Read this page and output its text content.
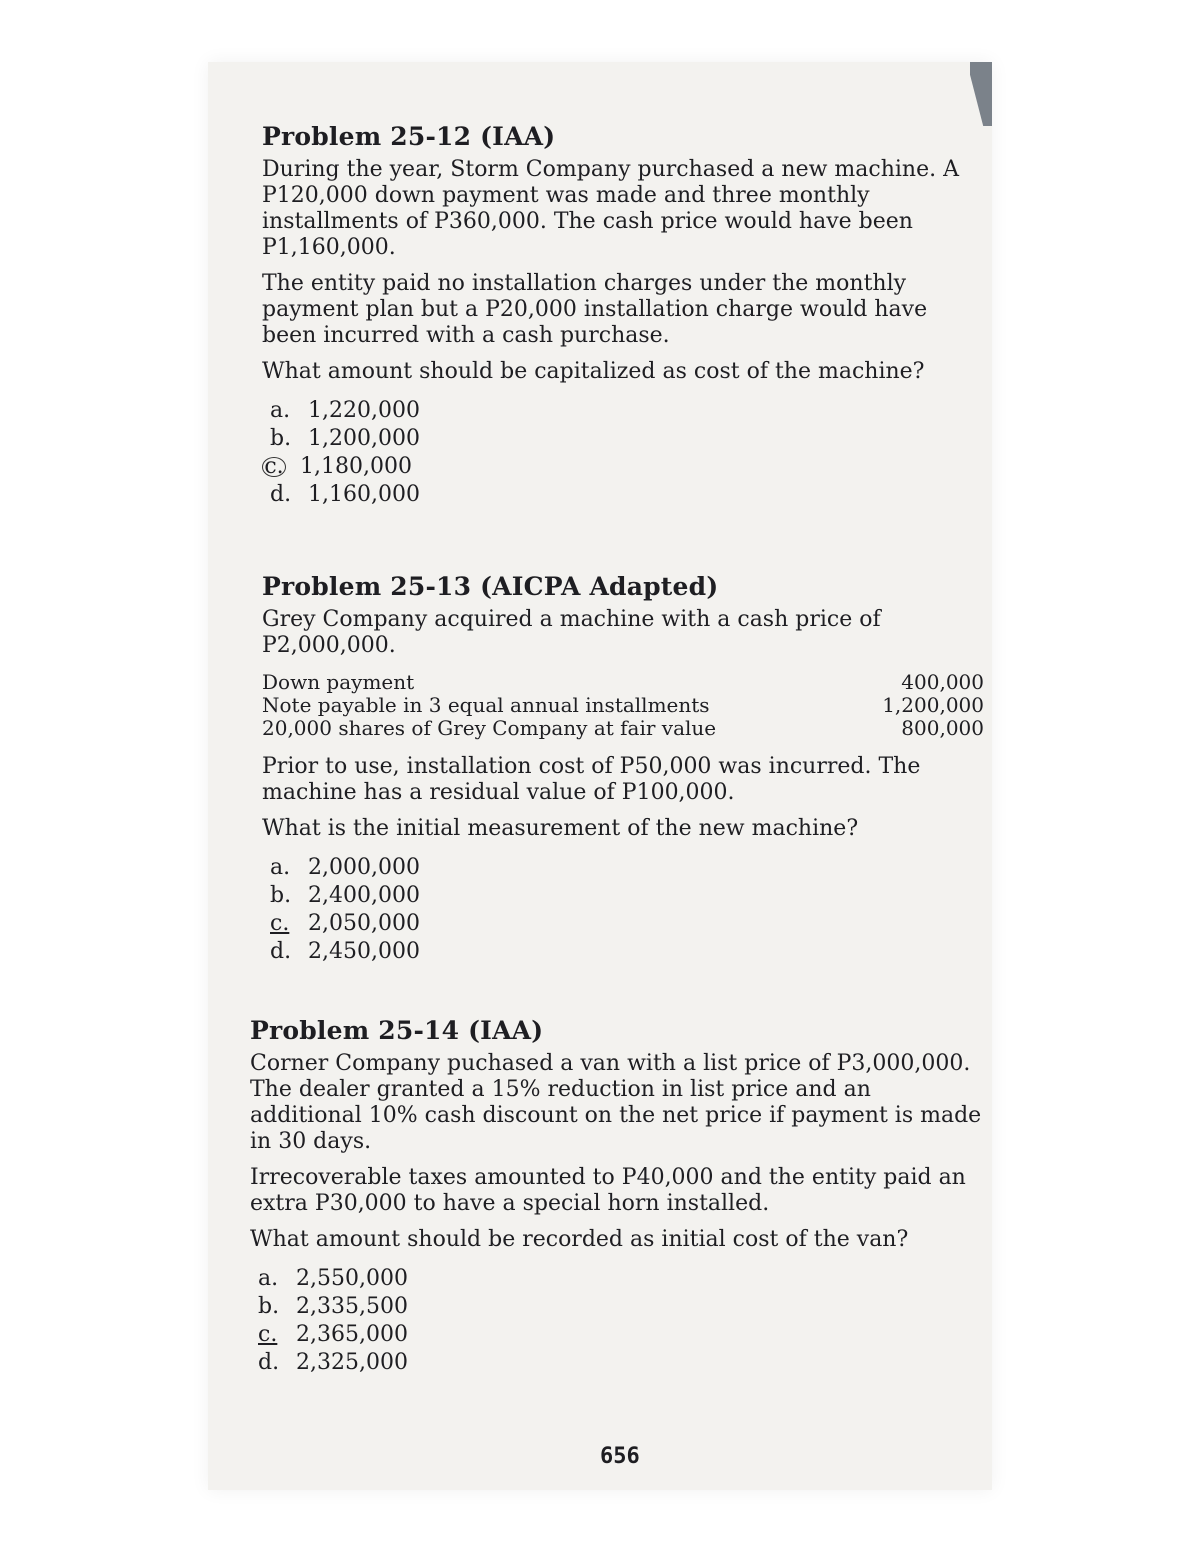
Problem 25-12 (IAA)

During the year, Storm Company purchased a new machine. A P120,000 down payment was made and three monthly installments of P360,000. The cash price would have been P1,160,000.

The entity paid no installation charges under the monthly payment plan but a P20,000 installation charge would have been incurred with a cash purchase.

What amount should be capitalized as cost of the machine?

a. 1,220,000
b. 1,200,000
c. 1,180,000
d. 1,160,000
Problem 25-13 (AICPA Adapted)

Grey Company acquired a machine with a cash price of P2,000,000.

Down payment	400,000
Note payable in 3 equal annual installments	1,200,000
20,000 shares of Grey Company at fair value	800,000

Prior to use, installation cost of P50,000 was incurred. The machine has a residual value of P100,000.

What is the initial measurement of the new machine?

a. 2,000,000
b. 2,400,000
c. 2,050,000
d. 2,450,000
Problem 25-14 (IAA)

Corner Company puchased a van with a list price of P3,000,000. The dealer granted a 15% reduction in list price and an additional 10% cash discount on the net price if payment is made in 30 days.

Irrecoverable taxes amounted to P40,000 and the entity paid an extra P30,000 to have a special horn installed.

What amount should be recorded as initial cost of the van?

a. 2,550,000
b. 2,335,500
c. 2,365,000
d. 2,325,000
656
